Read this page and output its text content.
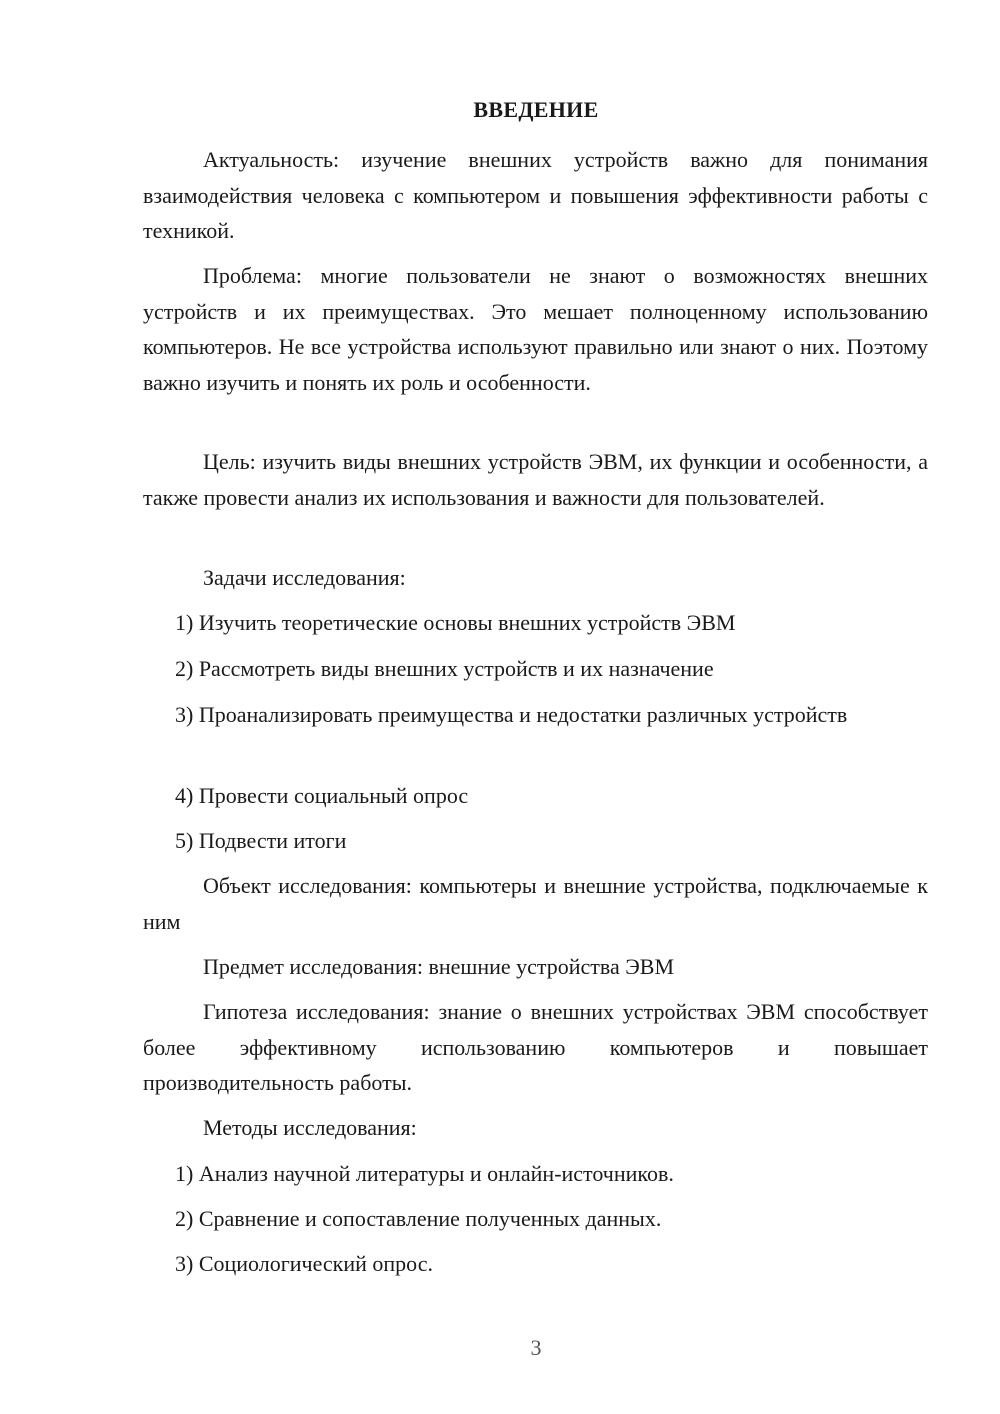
ВВЕДЕНИЕ

Актуальность: изучение внешних устройств важно для понимания взаимодействия человека с компьютером и повышения эффективности работы с техникой.

Проблема: многие пользователи не знают о возможностях внешних устройств и их преимуществах. Это мешает полноценному использованию компьютеров. Не все устройства используют правильно или знают о них. Поэтому важно изучить и понять их роль и особенности.

Цель: изучить виды внешних устройств ЭВМ, их функции и особенности, а также провести анализ их использования и важности для пользователей.

Задачи исследования:

1) Изучить теоретические основы внешних устройств ЭВМ

2) Рассмотреть виды внешних устройств и их назначение

3) Проанализировать преимущества и недостатки различных устройств

4) Провести социальный опрос

5) Подвести итоги

Объект исследования: компьютеры и внешние устройства, подключаемые к ним

Предмет исследования: внешние устройства ЭВМ

Гипотеза исследования: знание о внешних устройствах ЭВМ способствует более эффективному использованию компьютеров и повышает производительность работы.

Методы исследования:

1) Анализ научной литературы и онлайн-источников.

2) Сравнение и сопоставление полученных данных.

3) Социологический опрос.

3
